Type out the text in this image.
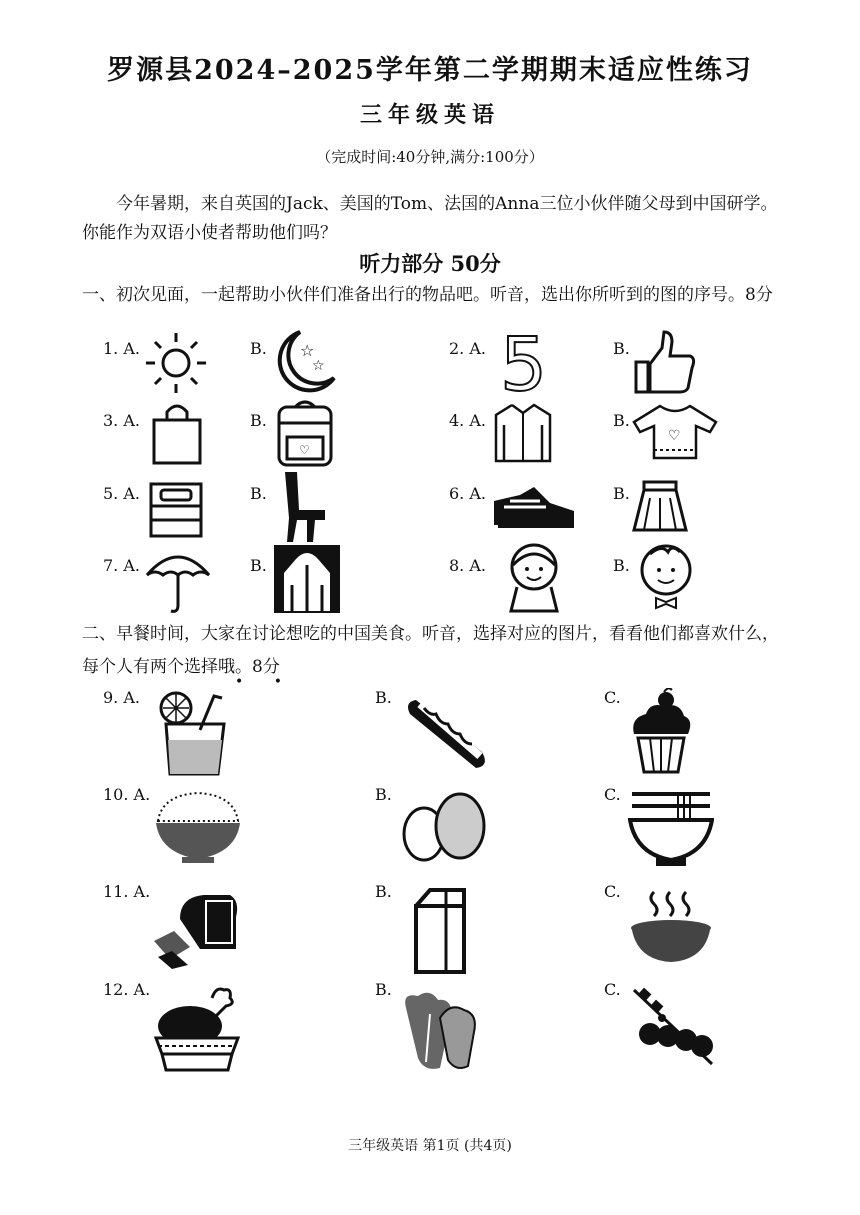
罗源县2024–2025学年第二学期期末适应性练习
三年级英语
（完成时间:40分钟,满分:100分）
今年暑期，来自英国的Jack、美国的Tom、法国的Anna三位小伙伴随父母到中国研学。你能作为双语小使者帮助他们吗？
听力部分 50分
一、初次见面，一起帮助小伙伴们准备出行的物品吧。听音，选出你所听到的图的序号。8分
1. A.	B.	2. A.	B.
3. A.	B.	4. A.	B.
5. A.	B.	6. A.	B.
7. A.	B.	8. A.	B.
☆
☆ 5
♡
♡
二、早餐时间，大家在讨论想吃的中国美食。听音，选择对应的图片，看看他们都喜欢什么，每个人有两个选择哦。8分
• •
9. A.	B.	C.
10. A.	B.	C.
11. A.	B.	C.
12. A.	B.	C.
三年级英语 第1页 (共4页)
